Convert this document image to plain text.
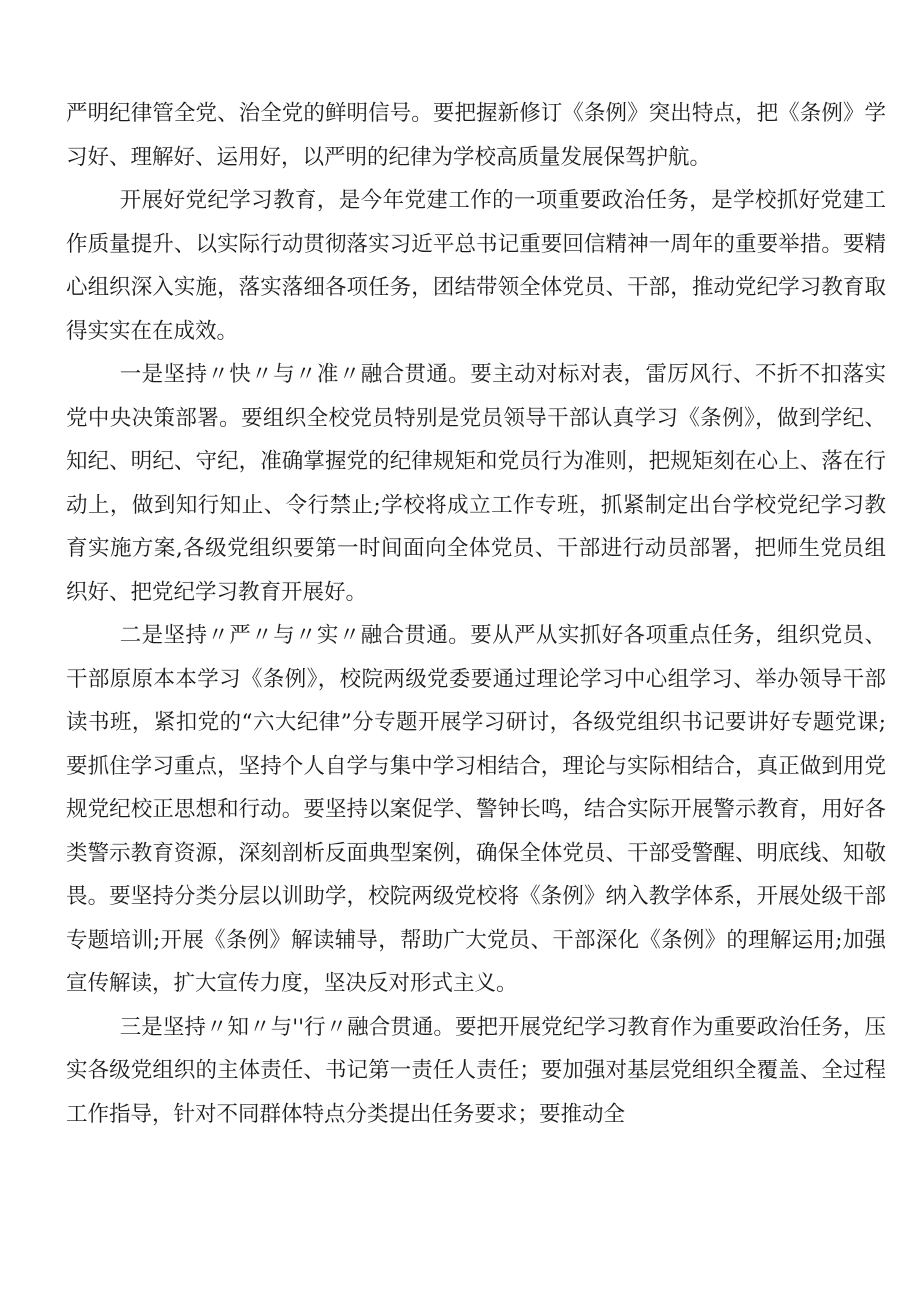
严明纪律管全党、治全党的鲜明信号。要把握新修订《条例》突出特点，把《条例》学习好、理解好、运用好，以严明的纪律为学校高质量发展保驾护航。

开展好党纪学习教育，是今年党建工作的一项重要政治任务，是学校抓好党建工作质量提升、以实际行动贯彻落实习近平总书记重要回信精神一周年的重要举措。要精心组织深入实施，落实落细各项任务，团结带领全体党员、干部，推动党纪学习教育取得实实在在成效。

一是坚持〃快〃与〃准〃融合贯通。要主动对标对表，雷厉风行、不折不扣落实党中央决策部署。要组织全校党员特别是党员领导干部认真学习《条例》，做到学纪、知纪、明纪、守纪，准确掌握党的纪律规矩和党员行为准则，把规矩刻在心上、落在行动上，做到知行知止、令行禁止;学校将成立工作专班，抓紧制定出台学校党纪学习教育实施方案,各级党组织要第一时间面向全体党员、干部进行动员部署，把师生党员组织好、把党纪学习教育开展好。

二是坚持〃严〃与〃实〃融合贯通。要从严从实抓好各项重点任务，组织党员、干部原原本本学习《条例》，校院两级党委要通过理论学习中心组学习、举办领导干部读书班，紧扣党的“六大纪律”分专题开展学习研讨，各级党组织书记要讲好专题党课;要抓住学习重点，坚持个人自学与集中学习相结合，理论与实际相结合，真正做到用党规党纪校正思想和行动。要坚持以案促学、警钟长鸣，结合实际开展警示教育，用好各类警示教育资源，深刻剖析反面典型案例，确保全体党员、干部受警醒、明底线、知敬畏。要坚持分类分层以训助学，校院两级党校将《条例》纳入教学体系，开展处级干部专题培训;开展《条例》解读辅导，帮助广大党员、干部深化《条例》的理解运用;加强宣传解读，扩大宣传力度，坚决反对形式主义。

三是坚持〃知〃与''行〃融合贯通。要把开展党纪学习教育作为重要政治任务，压实各级党组织的主体责任、书记第一责任人责任；要加强对基层党组织全覆盖、全过程工作指导，针对不同群体特点分类提出任务要求；要推动全
